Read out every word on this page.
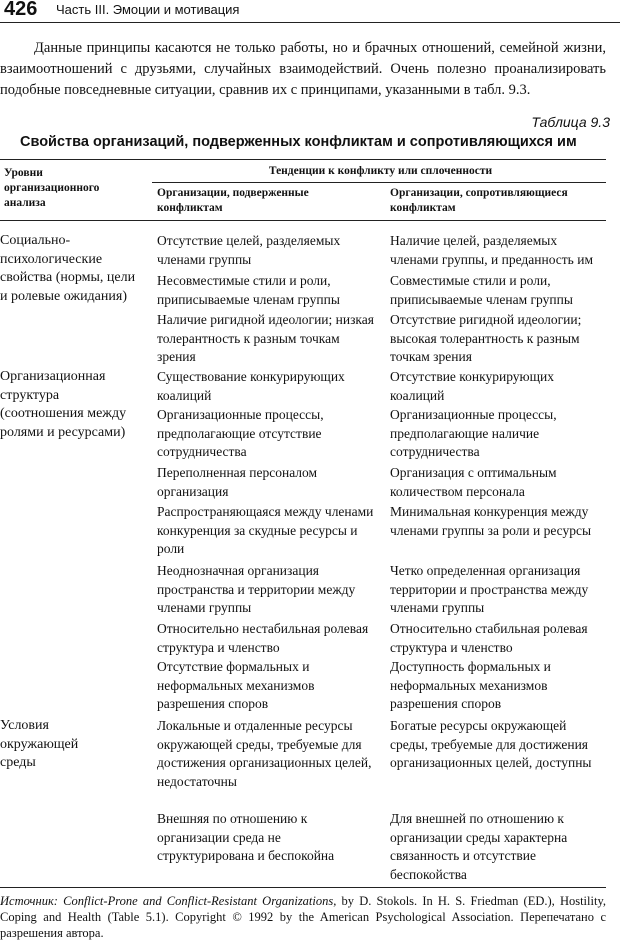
426 Часть III. Эмоции и мотивация

Данные принципы касаются не только работы, но и брачных отношений, семейной жизни, взаимоотношений с друзьями, случайных взаимодействий. Очень полезно проанализировать подобные повседневные ситуации, сравнив их с принципами, указанными в табл. 9.3.

Таблица 9.3
Свойства организаций, подверженных конфликтам и сопротивляющихся им
Уровни организационного анализа
Тенденции к конфликту или сплоченности
Организации, подверженные конфликтам
Организации, сопротивляющиеся конфликтам
Социально-психологические свойства (нормы, цели и ролевые ожидания)
Отсутствие целей, разделяемых членами группы
Наличие целей, разделяемых членами группы, и преданность им
Несовместимые стили и роли, приписываемые членам группы
Совместимые стили и роли, приписываемые членам группы
Наличие ригидной идеологии; низкая толерантность к разным точкам зрения
Отсутствие ригидной идеологии; высокая толерантность к разным точкам зрения
Организационная структура (соотношения между ролями и ресурсами)
Существование конкурирующих коалиций
Отсутствие конкурирующих коалиций
Организационные процессы, предполагающие отсутствие сотрудничества
Организационные процессы, предполагающие наличие сотрудничества
Переполненная персоналом организация
Организация с оптимальным количеством персонала
Распространяющаяся между членами конкуренция за скудные ресурсы и роли
Минимальная конкуренция между членами группы за роли и ресурсы
Неоднозначная организация пространства и территории между членами группы
Четко определенная организация территории и пространства между членами группы
Относительно нестабильная ролевая структура и членство
Относительно стабильная ролевая структура и членство
Отсутствие формальных и неформальных механизмов разрешения споров
Доступность формальных и неформальных механизмов разрешения споров
Условия окружающей среды
Локальные и отдаленные ресурсы окружающей среды, требуемые для достижения организационных целей, недостаточны
Богатые ресурсы окружающей среды, требуемые для достижения организационных целей, доступны
Внешняя по отношению к организации среда не структурирована и беспокойна
Для внешней по отношению к организации среды характерна связанность и отсутствие беспокойства

Источник: Conflict-Prone and Conflict-Resistant Organizations, by D. Stokols. In H. S. Friedman (ED.), Hostility, Coping and Health (Table 5.1). Copyright © 1992 by the American Psychological Association. Перепечатано с разрешения автора.
